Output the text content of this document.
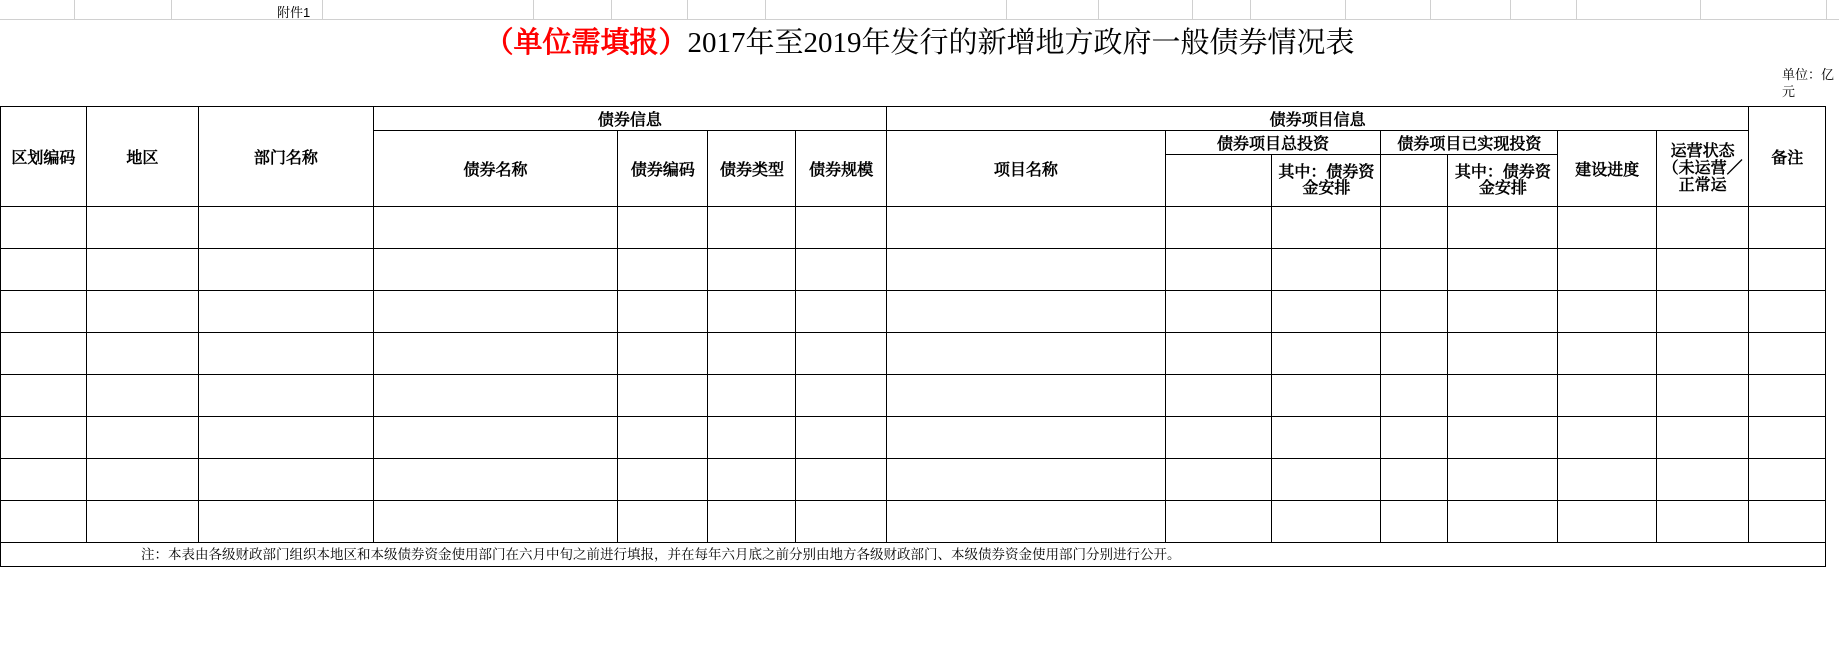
附件1
（单位需填报）2017年至2019年发行的新增地方政府一般债券情况表
单位：亿元
区划编码	地区	部门名称	债券信息				债券项目信息							备注
			债券名称	债券编码	债券类型	债券规模	项目名称	债券项目总投资		债券项目已实现投资		建设进度	运营状态（未运营／正常运	
									其中：债券资金安排		其中：债券资金安排			

注：本表由各级财政部门组织本地区和本级债券资金使用部门在六月中旬之前进行填报，并在每年六月底之前分别由地方各级财政部门、本级债券资金使用部门分别进行公开。
